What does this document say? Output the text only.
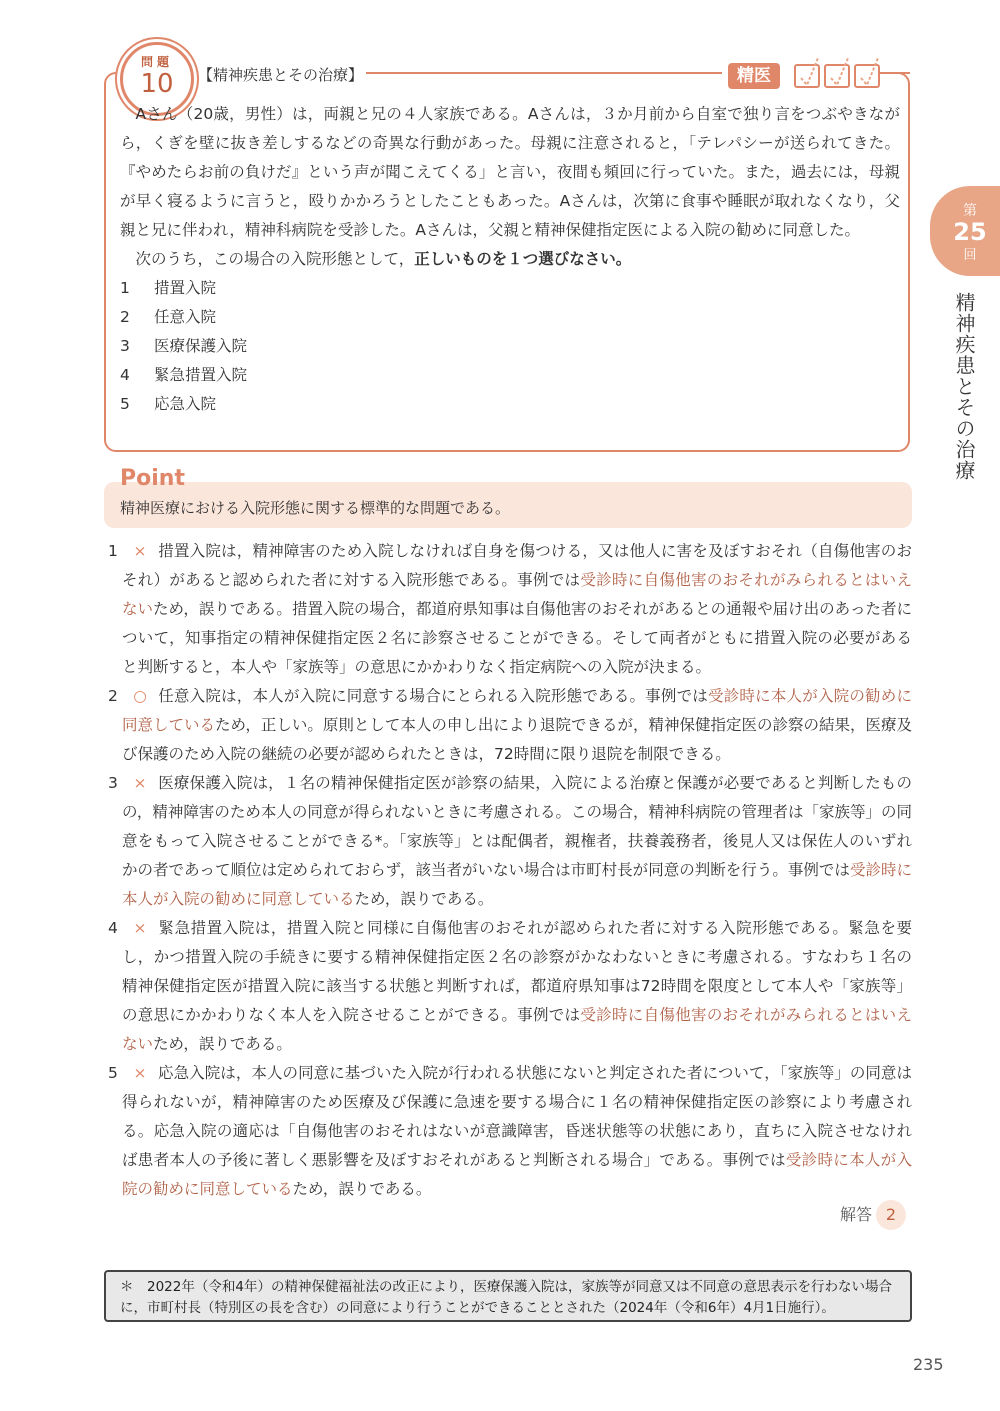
問題
10	【精神疾患とその治療】	精医

Aさん（20歳，男性）は，両親と兄の４人家族である。Aさんは，３か月前から自室で独り言をつぶやきながら，くぎを壁に抜き差しするなどの奇異な行動があった。母親に注意されると，「テレパシーが送られてきた。『やめたらお前の負けだ』という声が聞こえてくる」と言い，夜間も頻回に行っていた。また，過去には，母親が早く寝るように言うと，殴りかかろうとしたこともあった。Aさんは，次第に食事や睡眠が取れなくなり，父親と兄に伴われ，精神科病院を受診した。Aさんは，父親と精神保健指定医による入院の勧めに同意した。

次のうち，この場合の入院形態として，正しいものを１つ選びなさい。

1 措置入院
2 任意入院
3 医療保護入院
4 緊急措置入院
5 応急入院
Point
精神医療における入院形態に関する標準的な問題である。
1 × 措置入院は，精神障害のため入院しなければ自身を傷つける，又は他人に害を及ぼすおそれ（自傷他害のおそれ）があると認められた者に対する入院形態である。事例では受診時に自傷他害のおそれがみられるとはいえないため，誤りである。措置入院の場合，都道府県知事は自傷他害のおそれがあるとの通報や届け出のあった者について，知事指定の精神保健指定医２名に診察させることができる。そして両者がともに措置入院の必要があると判断すると，本人や「家族等」の意思にかかわりなく指定病院への入院が決まる。
2 ○ 任意入院は，本人が入院に同意する場合にとられる入院形態である。事例では受診時に本人が入院の勧めに同意しているため，正しい。原則として本人の申し出により退院できるが，精神保健指定医の診察の結果，医療及び保護のため入院の継続の必要が認められたときは，72時間に限り退院を制限できる。
3 × 医療保護入院は，１名の精神保健指定医が診察の結果，入院による治療と保護が必要であると判断したものの，精神障害のため本人の同意が得られないときに考慮される。この場合，精神科病院の管理者は「家族等」の同意をもって入院させることができる*。「家族等」とは配偶者，親権者，扶養義務者，後見人又は保佐人のいずれかの者であって順位は定められておらず，該当者がいない場合は市町村長が同意の判断を行う。事例では受診時に本人が入院の勧めに同意しているため，誤りである。
4 × 緊急措置入院は，措置入院と同様に自傷他害のおそれが認められた者に対する入院形態である。緊急を要し，かつ措置入院の手続きに要する精神保健指定医２名の診察がかなわないときに考慮される。すなわち１名の精神保健指定医が措置入院に該当する状態と判断すれば，都道府県知事は72時間を限度として本人や「家族等」の意思にかかわりなく本人を入院させることができる。事例では受診時に自傷他害のおそれがみられるとはいえないため，誤りである。
5 × 応急入院は，本人の同意に基づいた入院が行われる状態にないと判定された者について，「家族等」の同意は得られないが，精神障害のため医療及び保護に急速を要する場合に１名の精神保健指定医の診察により考慮される。応急入院の適応は「自傷他害のおそれはないが意識障害，昏迷状態等の状態にあり，直ちに入院させなければ患者本人の予後に著しく悪影響を及ぼすおそれがあると判断される場合」である。事例では受診時に本人が入院の勧めに同意しているため，誤りである。
解答 2
＊　2022年（令和4年）の精神保健福祉法の改正により，医療保護入院は，家族等が同意又は不同意の意思表示を行わない場合に，市町村長（特別区の長を含む）の同意により行うことができることとされた（2024年（令和6年）4月1日施行）。
第
25
回
精神疾患とその治療
235
